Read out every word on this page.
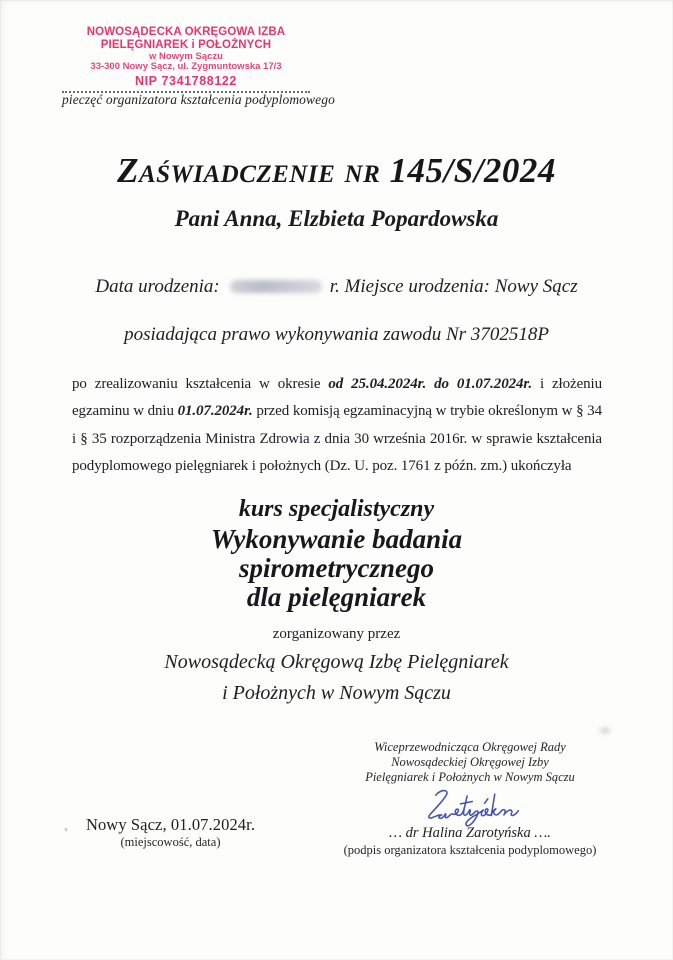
NOWOSĄDECKA OKRĘGOWA IZBA
PIELĘGNIAREK i POŁOŻNYCH
w Nowym Sączu
33-300 Nowy Sącz, ul. Zygmuntowska 17/3
NIP 7341788122
pieczęć organizatora kształcenia podyplomowego
Zaświadczenie nr 145/S/2024
Pani Anna, Elzbieta Popardowska
Data urodzenia:	r. Miejsce urodzenia: Nowy Sącz
posiadająca prawo wykonywania zawodu Nr 3702518P
po zrealizowaniu kształcenia w okresie od 25.04.2024r. do 01.07.2024r. i złożeniu egzaminu w dniu 01.07.2024r. przed komisją egzaminacyjną w trybie określonym w § 34 i § 35 rozporządzenia Ministra Zdrowia z dnia 30 września 2016r. w sprawie kształcenia podyplomowego pielęgniarek i położnych (Dz. U. poz. 1761 z późn. zm.) ukończyła
kurs specjalistyczny
Wykonywanie badania
spirometrycznego
dla pielęgniarek
zorganizowany przez
Nowosądecką Okręgową Izbę Pielęgniarek
i Położnych w Nowym Sączu
Wiceprzewodnicząca Okręgowej Rady
Nowosądeckiej Okręgowej Izby
Pielęgniarek i Położnych w Nowym Sączu
… dr Halina Zarotyńska ….
(podpis organizatora kształcenia podyplomowego)
Nowy Sącz, 01.07.2024r.
(miejscowość, data)
